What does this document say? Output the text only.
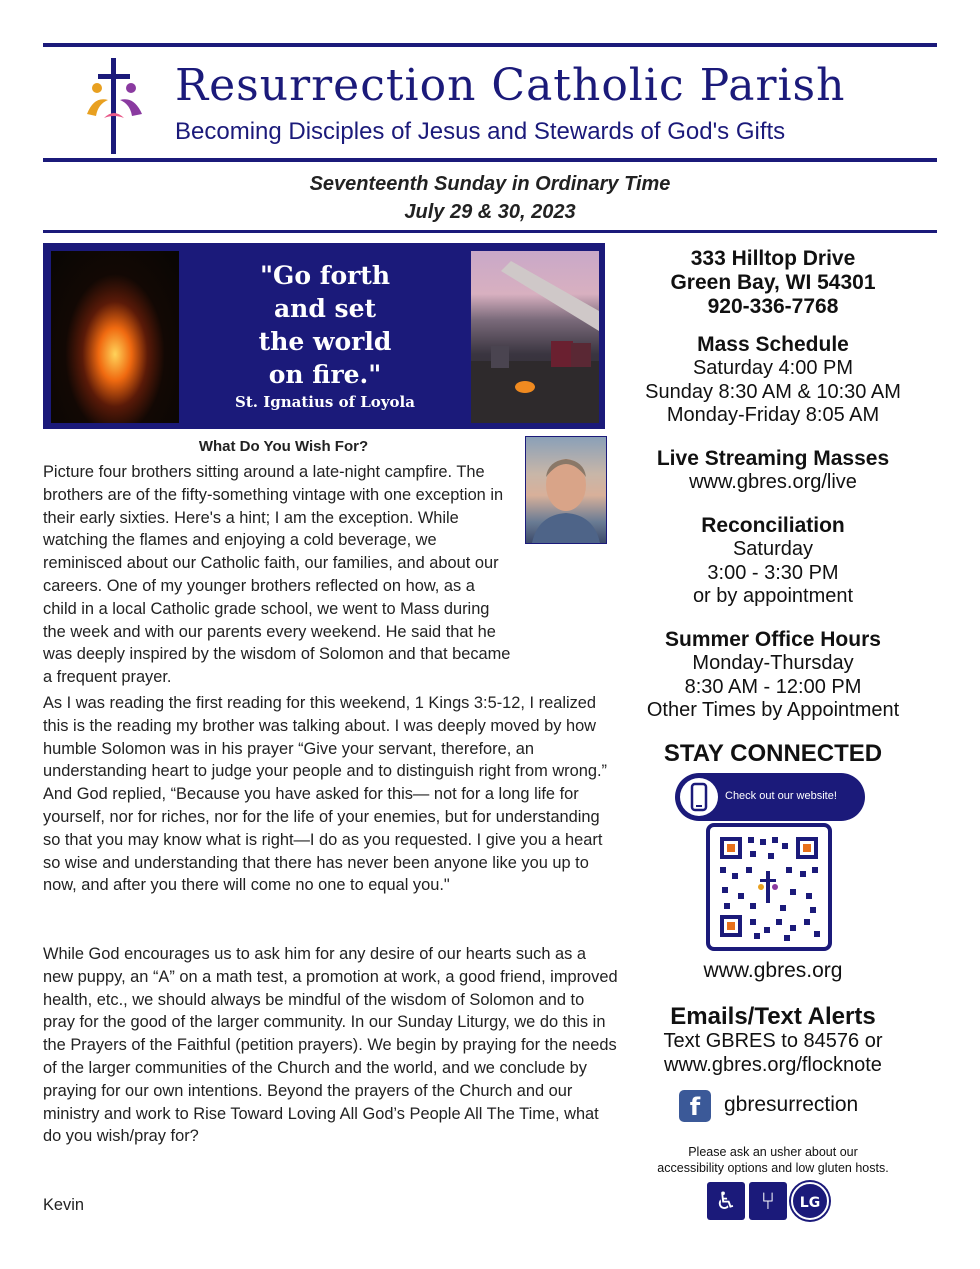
Resurrection Catholic Parish
Becoming Disciples of Jesus and Stewards of God's Gifts
Seventeenth Sunday in Ordinary Time
July 29 & 30, 2023
"Go forth
and set
the world
on fire."
St. Ignatius of Loyola
What Do You Wish For?
Picture four brothers sitting around a late-night campfire. The brothers are of the fifty-something vintage with one exception in their early sixties. Here's a hint; I am the exception. While watching the flames and enjoying a cold beverage, we reminisced about our Catholic faith, our families, and about our careers. One of my younger brothers reflected on how, as a child in a local Catholic grade school, we went to Mass during the week and with our parents every weekend. He said that he was deeply inspired by the wisdom of Solomon and that became a frequent prayer.
As I was reading the first reading for this weekend, 1 Kings 3:5-12, I realized this is the reading my brother was talking about. I was deeply moved by how humble Solomon was in his prayer “Give your servant, therefore, an understanding heart to judge your people and to distinguish right from wrong.” And God replied, “Because you have asked for this— not for a long life for yourself, nor for riches, nor for the life of your enemies, but for understanding so that you may know what is right—I do as you requested. I give you a heart so wise and understanding that there has never been anyone like you up to now, and after you there will come no one to equal you."
While God encourages us to ask him for any desire of our hearts such as a new puppy, an “A” on a math test, a promotion at work, a good friend, improved health, etc., we should always be mindful of the wisdom of Solomon and to pray for the good of the larger community. In our Sunday Liturgy, we do this in the Prayers of the Faithful (petition prayers). We begin by praying for the needs of the larger communities of the Church and the world, and we conclude by praying for our own intentions. Beyond the prayers of the Church and our ministry and work to Rise Toward Loving All God’s People All The Time, what do you wish/pray for?
Kevin
333 Hilltop Drive
Green Bay, WI 54301
920-336-7768
Mass Schedule
Saturday 4:00 PM
Sunday 8:30 AM & 10:30 AM
Monday-Friday 8:05 AM
Live Streaming Masses
www.gbres.org/live
Reconciliation
Saturday
3:00 - 3:30 PM
or by appointment
Summer Office Hours
Monday-Thursday
8:30 AM - 12:00 PM
Other Times by Appointment
STAY CONNECTED
Check out our website!
www.gbres.org
Emails/Text Alerts
Text GBRES to 84576 or
www.gbres.org/flocknote
f	gbresurrection
Please ask an usher about our
accessibility options and low gluten hosts.
♿	⑂	LG
